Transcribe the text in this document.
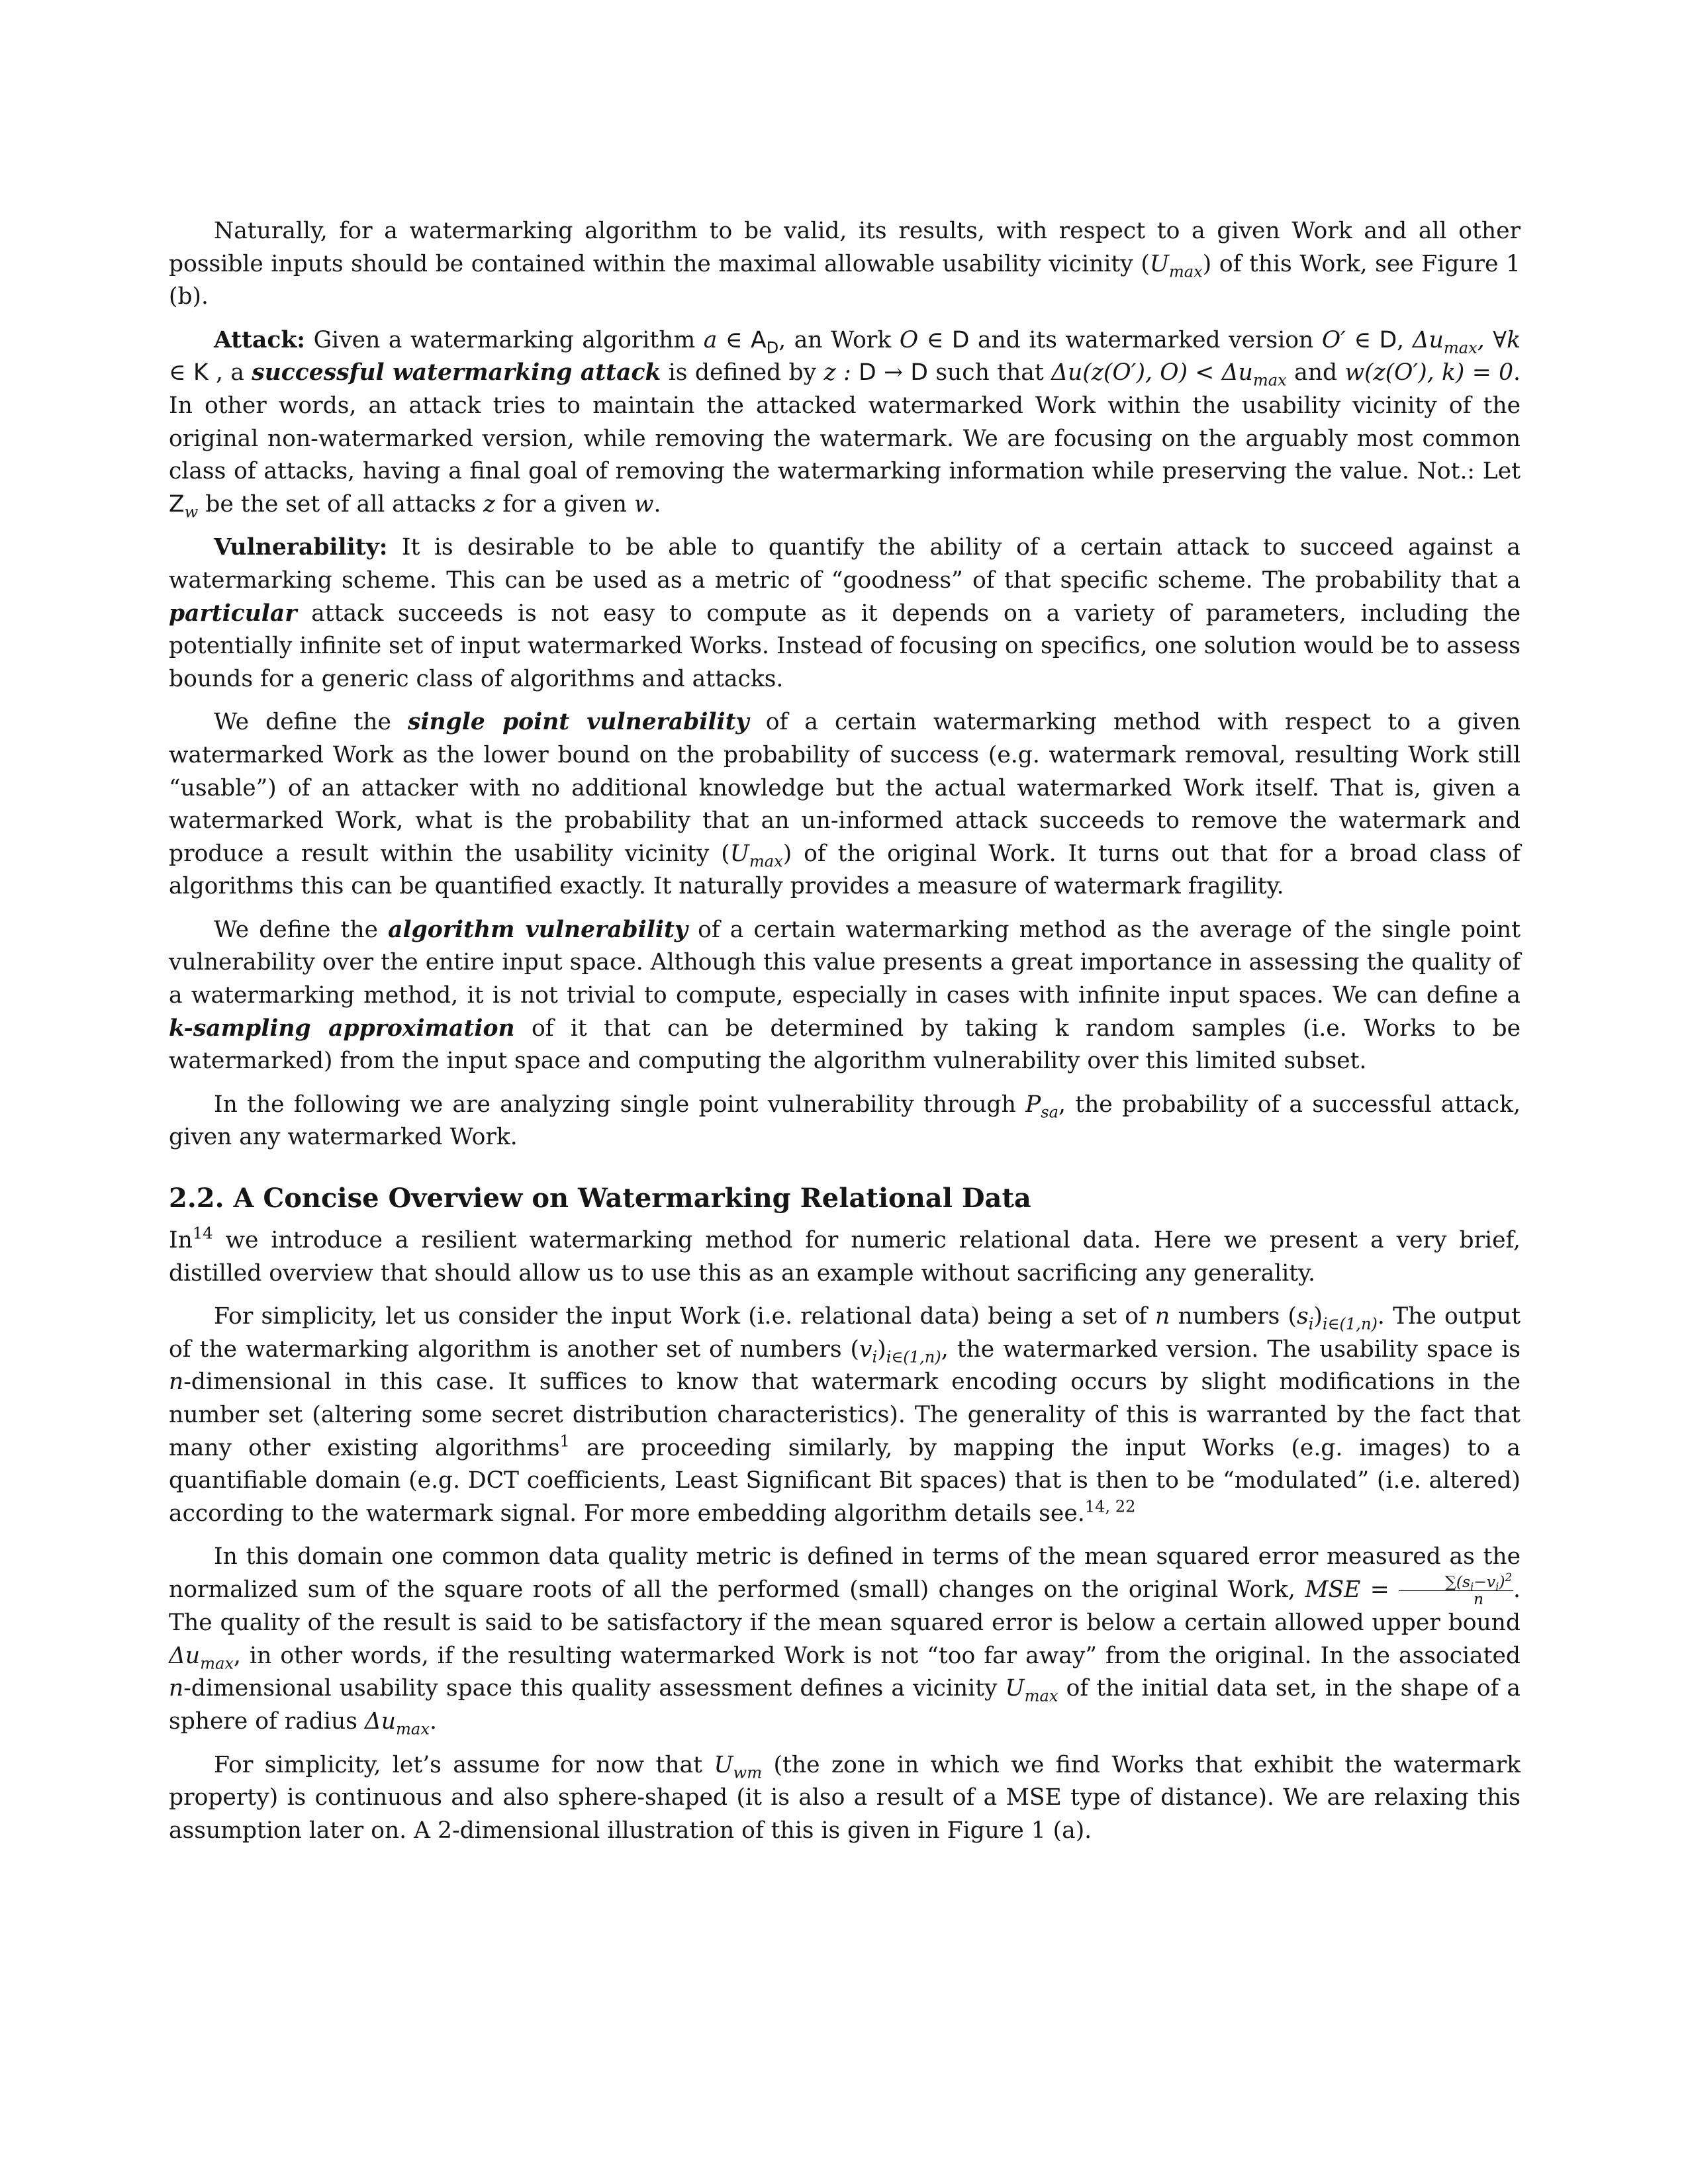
Naturally, for a watermarking algorithm to be valid, its results, with respect to a given Work and all other possible inputs should be contained within the maximal allowable usability vicinity $(U_{max})$ of this Work, see Figure 1 (b).

Attack: Given a watermarking algorithm a ∈ $A_D$, an Work O ∈ D and its watermarked version O′ ∈ D, $\Delta u_{max}$, ∀k ∈ K , a successful watermarking attack is defined by z : D → D such that Δu(z(O′), $O) < \Delta u_{max}$ and w(z(O′), k) = 0. In other words, an attack tries to maintain the attacked watermarked Work within the usability vicinity of the original non-watermarked version, while removing the watermark. We are focusing on the arguably most common class of attacks, having a final goal of removing the watermarking information while preserving the value. Not.: Let $Z_w$ be the set of all attacks z for a given w.

Vulnerability: It is desirable to be able to quantify the ability of a certain attack to succeed against a watermarking scheme. This can be used as a metric of “goodness” of that specific scheme. The probability that a particular attack succeeds is not easy to compute as it depends on a variety of parameters, including the potentially infinite set of input watermarked Works. Instead of focusing on specifics, one solution would be to assess bounds for a generic class of algorithms and attacks.

We define the single point vulnerability of a certain watermarking method with respect to a given watermarked Work as the lower bound on the probability of success (e.g. watermark removal, resulting Work still “usable”) of an attacker with no additional knowledge but the actual watermarked Work itself. That is, given a watermarked Work, what is the probability that an un-informed attack succeeds to remove the watermark and produce a result within the usability vicinity $(U_{max})$ of the original Work. It turns out that for a broad class of algorithms this can be quantified exactly. It naturally provides a measure of watermark fragility.

We define the algorithm vulnerability of a certain watermarking method as the average of the single point vulnerability over the entire input space. Although this value presents a great importance in assessing the quality of a watermarking method, it is not trivial to compute, especially in cases with infinite input spaces. We can define a k-sampling approximation of it that can be determined by taking k random samples (i.e. Works to be watermarked) from the input space and computing the algorithm vulnerability over this limited subset.

In the following we are analyzing single point vulnerability through $P_{sa}$, the probability of a successful attack, given any watermarked Work.

2.2. A Concise Overview on Watermarking Relational Data

In$^{14}$ we introduce a resilient watermarking method for numeric relational data. Here we present a very brief, distilled overview that should allow us to use this as an example without sacrificing any generality.

For simplicity, let us consider the input Work (i.e. relational data) being a set of n numbers $(s_i)_{i\in(1,n)}$. The output of the watermarking algorithm is another set of numbers $(v_i)_{i\in(1,n)}$, the watermarked version. The usability space is n-dimensional in this case. It suffices to know that watermark encoding occurs by slight modifications in the number set (altering some secret distribution characteristics). The generality of this is warranted by the fact that many other existing algorithms$^1$ are proceeding similarly, by mapping the input Works (e.g. images) to a quantifiable domain (e.g. DCT coefficients, Least Significant Bit spaces) that is then to be “modulated” (i.e. altered) according to the watermark signal. For more embedding algorithm details see.$^{14, 22}$

In this domain one common data quality metric is defined in terms of the mean squared error measured as the normalized sum of the square roots of all the performed (small) changes on the original Work, MSE = $\frac{\sum(s_i-v_i)^2}{n}$ . The quality of the result is said to be satisfactory if the mean squared error is below a certain allowed upper bound $\Delta u_{max}$, in other words, if the resulting watermarked Work is not “too far away” from the original. In the associated n-dimensional usability space this quality assessment defines a vicinity $U_{max}$ of the initial data set, in the shape of a sphere of radius $\Delta u_{max}$.

For simplicity, let’s assume for now that $U_{wm}$ (the zone in which we find Works that exhibit the watermark property) is continuous and also sphere-shaped (it is also a result of a MSE type of distance). We are relaxing this assumption later on. A 2-dimensional illustration of this is given in Figure 1 (a).
